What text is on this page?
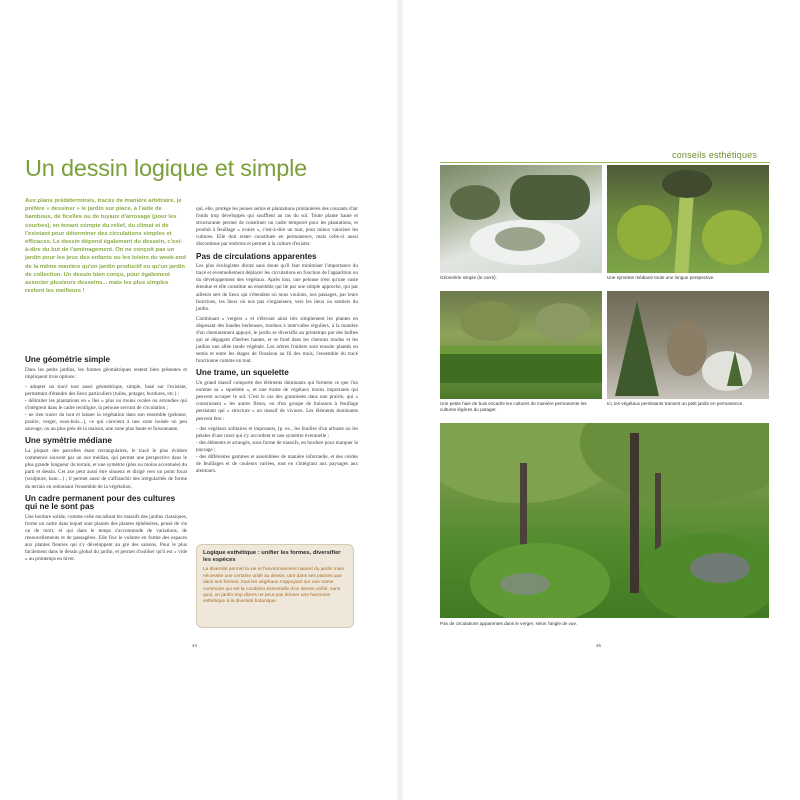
conseils esthétiques
Un dessin logique et simple

Aux plans prédéterminés, tracés de manière arbitraire, je préfère « dessiner » le jardin sur place, à l'aide de bambous, de ficelles ou de tuyaux d'arrosage (pour les courbes), en tenant compte du relief, du climat et de l'existant pour déterminer des circulations simples et efficaces. Le dessin dépend également du dessein, c'est-à-dire du but de l'aménagement. On ne conçoit pas un jardin pour les jeux des enfants ou les loisirs du week-end de la même manière qu'un jardin productif ou qu'un jardin de collection. Un dessin bien conçu, pour également associer plusieurs desseins... mais les plus simples restent les meilleurs !

Une géométrie simple

Dans les petits jardins, les formes géométriques restent bien présentes et impliquent trois options :

- adopter un tracé tout aussi géométrique, simple, basé sur l'existant, permettant d'étendre des lieux particuliers (tuiles, potager, bordures, etc.) ;
- délimiter les plantations en « îles » plus ou moins ovales ou arrondies qui s'intègrent dans le cadre rectiligne, la pelouse servant de circulation ;
- ne rien tracer du tout et laisser la végétation dans son ensemble (pelouse, prairie, verger, sous-bois...), ce qui convient à une zone boisée un peu sauvage, ou au plus près de la maison, une zone plus haute et foisonnante.
Une symétrie médiane

La plupart des parcelles étant rectangulaires, le tracé le plus évident commence souvent par un axe médian, qui permet une perspective dans le plus grande longueur du terrain, et une symétrie (plus ou moins accentuée) du parti et dessin. Cet axe peut aussi être sinueux et dirigé vers un point focal (sculpture, banc...) ; il permet aussi de s'affranchir des irrégularités de forme du terrain en redonnant l'ensemble de la végétation.

Un cadre permanent pour des cultures qui ne le sont pas

Une bordure solide, comme celle encadrant les massifs des jardins classiques, forme un cadre dans lequel sont plantés des plantes éphémères, pensé de vie ou de mort, et qui dans le temps s'accommode de variations, de renouvellements et de passagères. Elle fixe le volume en forme des espaces aux plantes fleuries qui s'y développent au gré des saisons. Pour le plus facilement dans le dessin global du jardin, et permet d'oublier qu'il est « vide » au printemps en hiver.

qui, elle, protège les jeunes semis et plantations printanières des courants d'air froids trop développés qui soufflent au ras du sol. Toute plante haute et structurante permet de constituer un cadre temporel pour les plantations, et produit à feuillage « ovaire », c'est-à-dire un tout, pour mieux valoriser les cultures. Elle doit rester constituée en permanence, mais celle-ci aussi discontinue par endroits et permet à la culture d'exister.

Pas de circulations apparentes

Les plus écologistes diront sans doute qu'il faut minimiser l'importance du tracé et éventuellement déplacer les circulations en fonction de l'apparition ou du développement des végétaux. Après tout, une pelouse n'est qu'une vaste étendue et elle constitue un ensemble qui lie par une simple approche, qui par ailleurs sert de lieux qui s'étendent où nous voulons, nos passages, par leurs fonctions, les lieux où nos pas s'organisent, vers les lieux ou sentiers du jardin.

Combinant « vergers » et s'élevant ainsi très simplement les plantes en disposant des bandes herbeuses, tondues à intervalles réguliers, à la manière d'un cheminement appuyé, le jardin se diversifie au printemps par des bulbes qui se dégagent d'herbes hautes, et se fond dans les chemins tondus et les jardins une allée tonde végétale. Les arbres fruitiers sont ensuite plantés en semis et entre les étages de floraison au fil des mois, l'ensemble du tracé fonctionne comme un tout.

Une trame, un squelette

Un grand massif comporte des éléments dominants qui forment ce que l'on nomme sa « squelette », et une trame de végétaux moins importants qui peuvent occuper le sol. C'est le cas des graminées dans une prairie, qui « construisent » les autres fleurs, ou d'un groupe de buissons à feuillage persistant qui « structure » un massif de vivaces. Les éléments dominants peuvent être :

- des végétaux solitaires et imposants, (p. ex., les feuilles d'un arbuste ou les pétales d'une rose) qui s'y accordent et une symétrie éventuelle ;
- des éléments et arrangés, sous forme de massifs, en bordure pour marquer le paysage ;
- des différentes gammes et assemblées de manière informelle, et des cordes de feuillages et de couleurs variées, tout en s'intégrant aux paysages aux alentours.
Logique esthétique : unifier les formes, diversifier les espèces

La diversité permet la vie et l'environnement naturel du jardin mais nécessite une certaine unité au dessin, tant dans ses plantes que dans ses formes, tous les végétaux s'appuyant sur une trame commune qui est la condition essentielle d'un dessin unifié, sans quoi, un jardin trop divers ne peut pas donner une harmonie esthétique à la diversité botanique.

44
Géométrie simple (le carré).	Une symétrie médiane toute une longue perspective.
Une petite haie de buis encadre les cultures de manière permanente les cultures légères du potager.
Ici, les végétaux persistants trament un petit jardin en permanence.
Pas de circulations apparentes dans le verger, selon l'angle de vue.
45
